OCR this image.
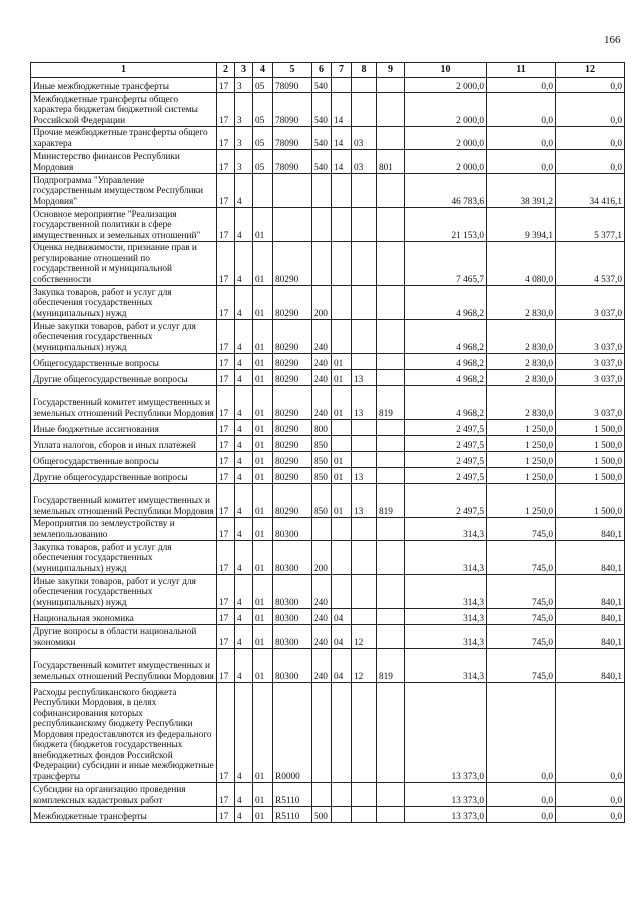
166
1	2	3	4	5	6	7	8	9	10	11	12
Иные межбюджетные трансферты	17	3	05	78090	540				2 000,0	0,0	0,0
Межбюджетные трансферты общего характера бюджетам бюджетной системы Российской Федерации	17	3	05	78090	540	14			2 000,0	0,0	0,0
Прочие межбюджетные трансферты общего характера	17	3	05	78090	540	14	03		2 000,0	0,0	0,0
Министерство финансов Республики Мордовия	17	3	05	78090	540	14	03	801	2 000,0	0,0	0,0
Подпрограмма "Управление государственным имуществом Республики Мордовия"	17	4							46 783,6	38 391,2	34 416,1
Основное мероприятие "Реализация государственной политики в сфере имущественных и земельных отношений"	17	4	01						21 153,0	9 394,1	5 377,1
Оценка недвижимости, признание прав и регулирование отношений по государственной и муниципальной собственности	17	4	01	80290					7 465,7	4 080,0	4 537,0
Закупка товаров, работ и услуг для обеспечения государственных (муниципальных) нужд	17	4	01	80290	200				4 968,2	2 830,0	3 037,0
Иные закупки товаров, работ и услуг для обеспечения государственных (муниципальных) нужд	17	4	01	80290	240				4 968,2	2 830,0	3 037,0
Общегосударственные вопросы	17	4	01	80290	240	01			4 968,2	2 830,0	3 037,0
Другие общегосударственные вопросы	17	4	01	80290	240	01	13		4 968,2	2 830,0	3 037,0
Государственный комитет имущественных и земельных отношений Республики Мордовия	17	4	01	80290	240	01	13	819	4 968,2	2 830,0	3 037,0
Иные бюджетные ассигнования	17	4	01	80290	800				2 497,5	1 250,0	1 500,0
Уплата налогов, сборов и иных платежей	17	4	01	80290	850				2 497,5	1 250,0	1 500,0
Общегосударственные вопросы	17	4	01	80290	850	01			2 497,5	1 250,0	1 500,0
Другие общегосударственные вопросы	17	4	01	80290	850	01	13		2 497,5	1 250,0	1 500,0
Государственный комитет имущественных и земельных отношений Республики Мордовия	17	4	01	80290	850	01	13	819	2 497,5	1 250,0	1 500,0
Мероприятия по землеустройству и землепользованию	17	4	01	80300					314,3	745,0	840,1
Закупка товаров, работ и услуг для обеспечения государственных (муниципальных) нужд	17	4	01	80300	200				314,3	745,0	840,1
Иные закупки товаров, работ и услуг для обеспечения государственных (муниципальных) нужд	17	4	01	80300	240				314,3	745,0	840,1
Национальная экономика	17	4	01	80300	240	04			314,3	745,0	840,1
Другие вопросы в области национальной экономики	17	4	01	80300	240	04	12		314,3	745,0	840,1
Государственный комитет имущественных и земельных отношений Республики Мордовия	17	4	01	80300	240	04	12	819	314,3	745,0	840,1
Расходы республиканского бюджета Республики Мордовия, в целях софинансирования которых республиканскому бюджету Республики Мордовия предоставляются из федерального бюджета (бюджетов государственных внебюджетных фондов Российской Федерации) субсидии и иные межбюджетные трансферты	17	4	01	R0000					13 373,0	0,0	0,0
Субсидии на организацию проведения комплексных кадастровых работ	17	4	01	R5110					13 373,0	0,0	0,0
Межбюджетные трансферты	17	4	01	R5110	500				13 373,0	0,0	0,0
